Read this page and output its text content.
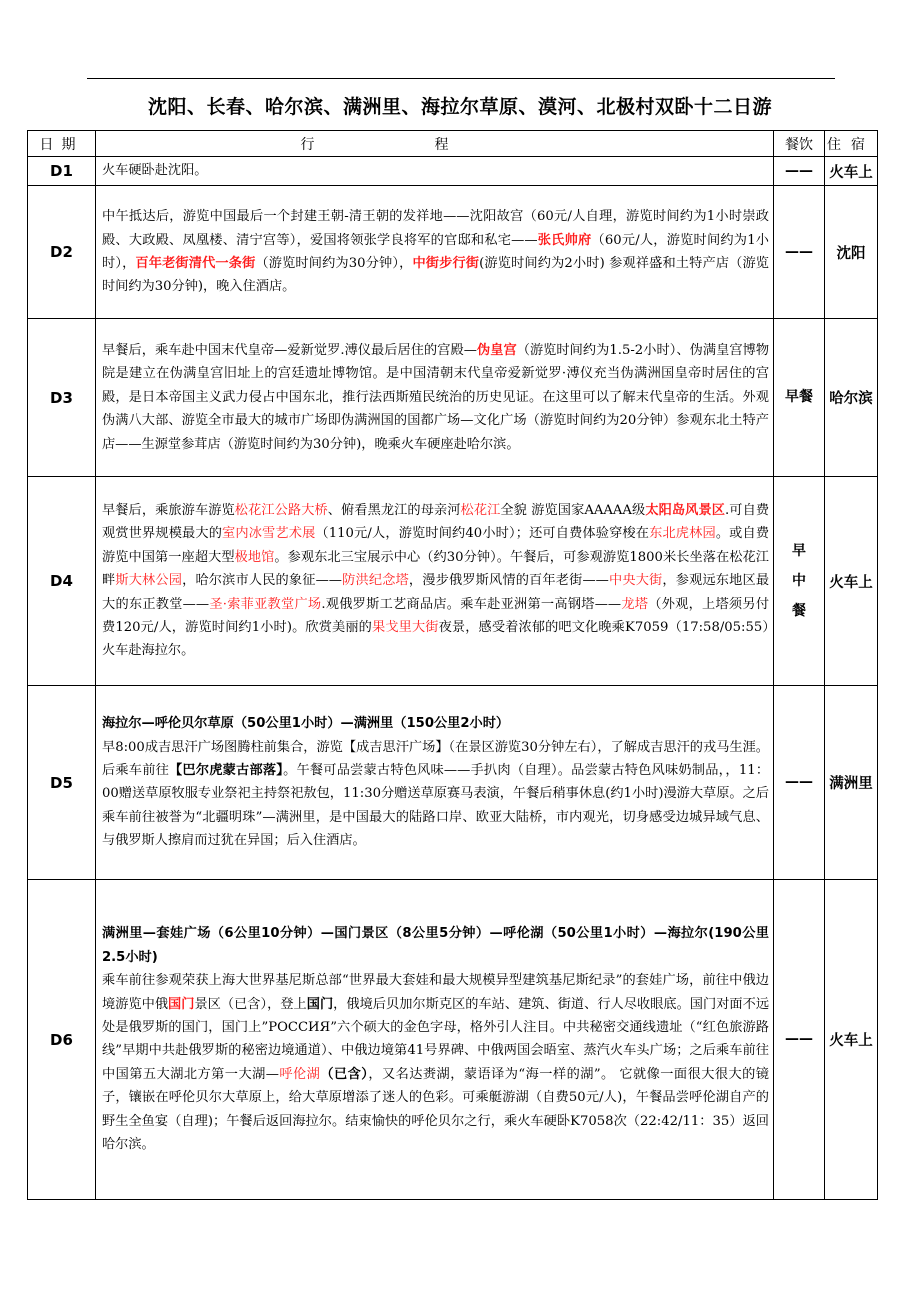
沈阳、长春、哈尔滨、满洲里、海拉尔草原、漠河、北极村双卧十二日游
日期	行程	餐饮	住宿
D1	火车硬卧赴沈阳。	——	火车上
D2	中午抵达后，游览中国最后一个封建王朝-清王朝的发祥地——沈阳故宫（60元/人自理，游览时间约为1小时崇政殿、大政殿、凤凰楼、清宁宫等），爱国将领张学良将军的官邸和私宅——张氏帅府（60元/人，游览时间约为1小时），百年老街清代一条街（游览时间约为30分钟），中街步行街(游览时间约为2小时) 参观祥盛和土特产店（游览时间约为30分钟)，晚入住酒店。	——	沈阳
D3	早餐后，乘车赴中国末代皇帝—爱新觉罗.溥仪最后居住的宫殿—伪皇宫（游览时间约为1.5-2小时）、伪满皇宫博物院是建立在伪满皇宫旧址上的宫廷遗址博物馆。是中国清朝末代皇帝爱新觉罗·溥仪充当伪满洲国皇帝时居住的宫殿，是日本帝国主义武力侵占中国东北，推行法西斯殖民统治的历史见证。在这里可以了解末代皇帝的生活。外观伪满八大部、游览全市最大的城市广场即伪满洲国的国都广场—文化广场（游览时间约为20分钟）参观东北土特产店——生源堂参茸店（游览时间约为30分钟)，晚乘火车硬座赴哈尔滨。	早餐	哈尔滨
D4	早餐后，乘旅游车游览松花江公路大桥、俯看黑龙江的母亲河松花江全貌 游览国家AAAAA级太阳岛风景区.可自费观赏世界规模最大的室内冰雪艺术展（110元/人，游览时间约40小时）；还可自费体验穿梭在东北虎林园。或自费游览中国第一座超大型极地馆。参观东北三宝展示中心（约30分钟）。午餐后，可参观游览1800米长坐落在松花江畔斯大林公园，哈尔滨市人民的象征——防洪纪念塔，漫步俄罗斯风情的百年老街——中央大街，参观远东地区最大的东正教堂——圣·索菲亚教堂广场.观俄罗斯工艺商品店。乘车赴亚洲第一高钢塔——龙塔（外观，上塔须另付费120元/人，游览时间约1小时)。欣赏美丽的果戈里大街夜景，感受着浓郁的吧文化晚乘K7059（17:58/05:55）火车赴海拉尔。	早中餐	火车上
D5	海拉尔—呼伦贝尔草原（50公里1小时）—满洲里（150公里2小时）
早8:00成吉思汗广场图腾柱前集合，游览【成吉思汗广场】（在景区游览30分钟左右），了解成吉思汗的戎马生涯。后乘车前往【巴尔虎蒙古部落】。午餐可品尝蒙古特色风味——手扒肉（自理）。品尝蒙古特色风味奶制品，，11：00赠送草原牧服专业祭祀主持祭祀敖包，11:30分赠送草原赛马表演，午餐后稍事休息(约1小时)漫游大草原。之后乘车前往被誉为“北疆明珠”—满洲里，是中国最大的陆路口岸、欧亚大陆桥，市内观光，切身感受边城异域气息、与俄罗斯人擦肩而过犹在异国；后入住酒店。	——	满洲里
D6	满洲里—套娃广场（6公里10分钟）—国门景区（8公里5分钟）—呼伦湖（50公里1小时）—海拉尔(190公里2.5小时)
乘车前往参观荣获上海大世界基尼斯总部“世界最大套娃和最大规模异型建筑基尼斯纪录”的套娃广场，前往中俄边境游览中俄国门景区（已含），登上国门，俄境后贝加尔斯克区的车站、建筑、街道、行人尽收眼底。国门对面不远处是俄罗斯的国门，国门上”РОССИЯ”六个硕大的金色字母，格外引人注目。中共秘密交通线遗址（“红色旅游路线”早期中共赴俄罗斯的秘密边境通道）、中俄边境第41号界碑、中俄两国会晤室、蒸汽火车头广场；之后乘车前往中国第五大湖北方第一大湖—呼伦湖（已含），又名达赉湖，蒙语译为“海一样的湖”。 它就像一面很大很大的镜子，镶嵌在呼伦贝尔大草原上，给大草原增添了迷人的色彩。可乘艇游湖（自费50元/人)，午餐品尝呼伦湖自产的野生全鱼宴（自理)；午餐后返回海拉尔。结束愉快的呼伦贝尔之行，乘火车硬卧K7058次（22:42/11：35）返回哈尔滨。	——	火车上
